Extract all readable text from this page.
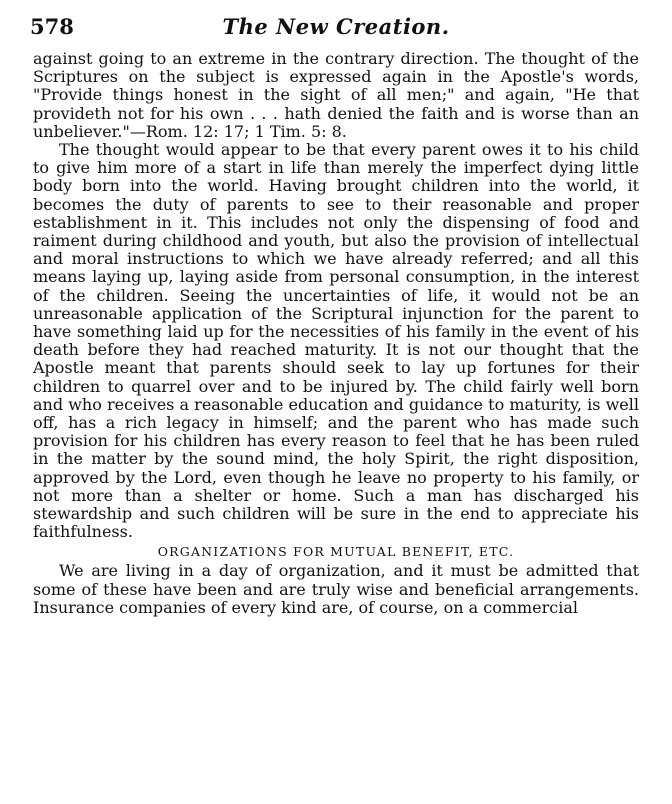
578	The New Creation.

against going to an extreme in the contrary direction. The thought of the Scriptures on the subject is expressed again in the Apostle's words, "Provide things honest in the sight of all men;" and again, "He that provideth not for his own . . . hath denied the faith and is worse than an unbeliever."—Rom. 12: 17; 1 Tim. 5: 8.

The thought would appear to be that every parent owes it to his child to give him more of a start in life than merely the imperfect dying little body born into the world. Having brought children into the world, it becomes the duty of parents to see to their reasonable and proper establishment in it. This includes not only the dispensing of food and raiment during childhood and youth, but also the provision of intellectual and moral instructions to which we have already referred; and all this means laying up, laying aside from personal consumption, in the interest of the children. Seeing the uncertainties of life, it would not be an unreasonable application of the Scriptural injunction for the parent to have something laid up for the necessities of his family in the event of his death before they had reached maturity. It is not our thought that the Apostle meant that parents should seek to lay up fortunes for their children to quarrel over and to be injured by. The child fairly well born and who receives a reasonable education and guidance to maturity, is well off, has a rich legacy in himself; and the parent who has made such provision for his children has every reason to feel that he has been ruled in the matter by the sound mind, the holy Spirit, the right disposition, approved by the Lord, even though he leave no property to his family, or not more than a shelter or home. Such a man has discharged his stewardship and such children will be sure in the end to appreciate his faithfulness.

ORGANIZATIONS FOR MUTUAL BENEFIT, ETC.

We are living in a day of organization, and it must be admitted that some of these have been and are truly wise and beneficial arrangements. Insurance companies of every kind are, of course, on a commercial
